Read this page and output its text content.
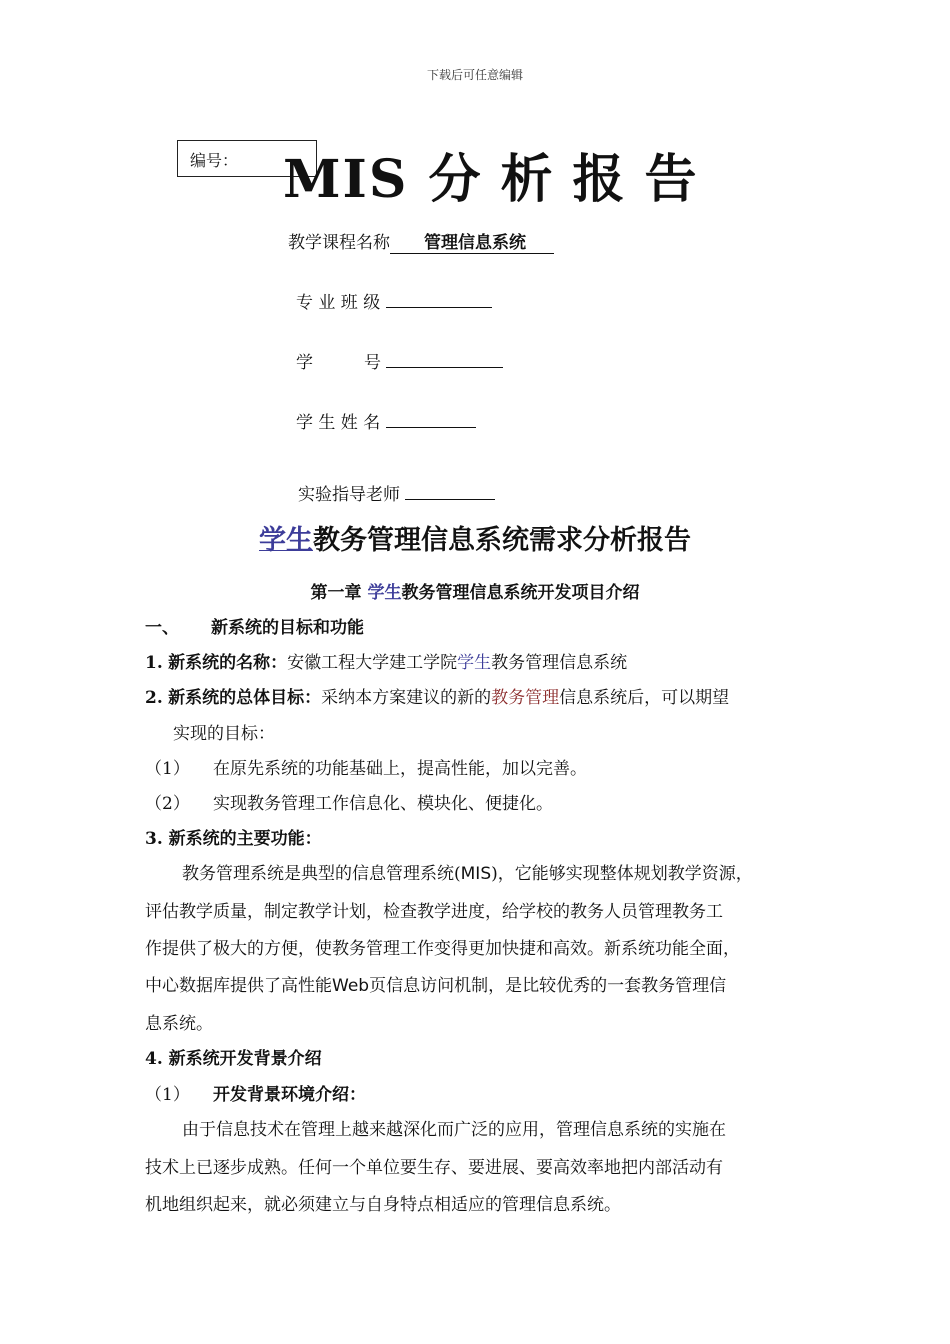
下载后可任意编辑
编号： MIS 分析报告
教学课程名称 管理信息系统
专 业 班 级
学　　　号
学 生 姓 名
实验指导老师
学生教务管理信息系统需求分析报告
第一章 学生教务管理信息系统开发项目介绍
一、 新系统的目标和功能
1. 新系统的名称：安徽工程大学建工学院学生教务管理信息系统
2. 新系统的总体目标：采纳本方案建议的新的教务管理信息系统后，可以期望
实现的目标：
（1） 在原先系统的功能基础上，提高性能，加以完善。
（2） 实现教务管理工作信息化、模块化、便捷化。
3. 新系统的主要功能：
教务管理系统是典型的信息管理系统(MIS)，它能够实现整体规划教学资源，
评估教学质量，制定教学计划，检查教学进度，给学校的教务人员管理教务工
作提供了极大的方便，使教务管理工作变得更加快捷和高效。新系统功能全面，
中心数据库提供了高性能Web页信息访问机制，是比较优秀的一套教务管理信
息系统。
4. 新系统开发背景介绍
（1） 开发背景环境介绍：
由于信息技术在管理上越来越深化而广泛的应用，管理信息系统的实施在
技术上已逐步成熟。任何一个单位要生存、要进展、要高效率地把内部活动有
机地组织起来，就必须建立与自身特点相适应的管理信息系统。
